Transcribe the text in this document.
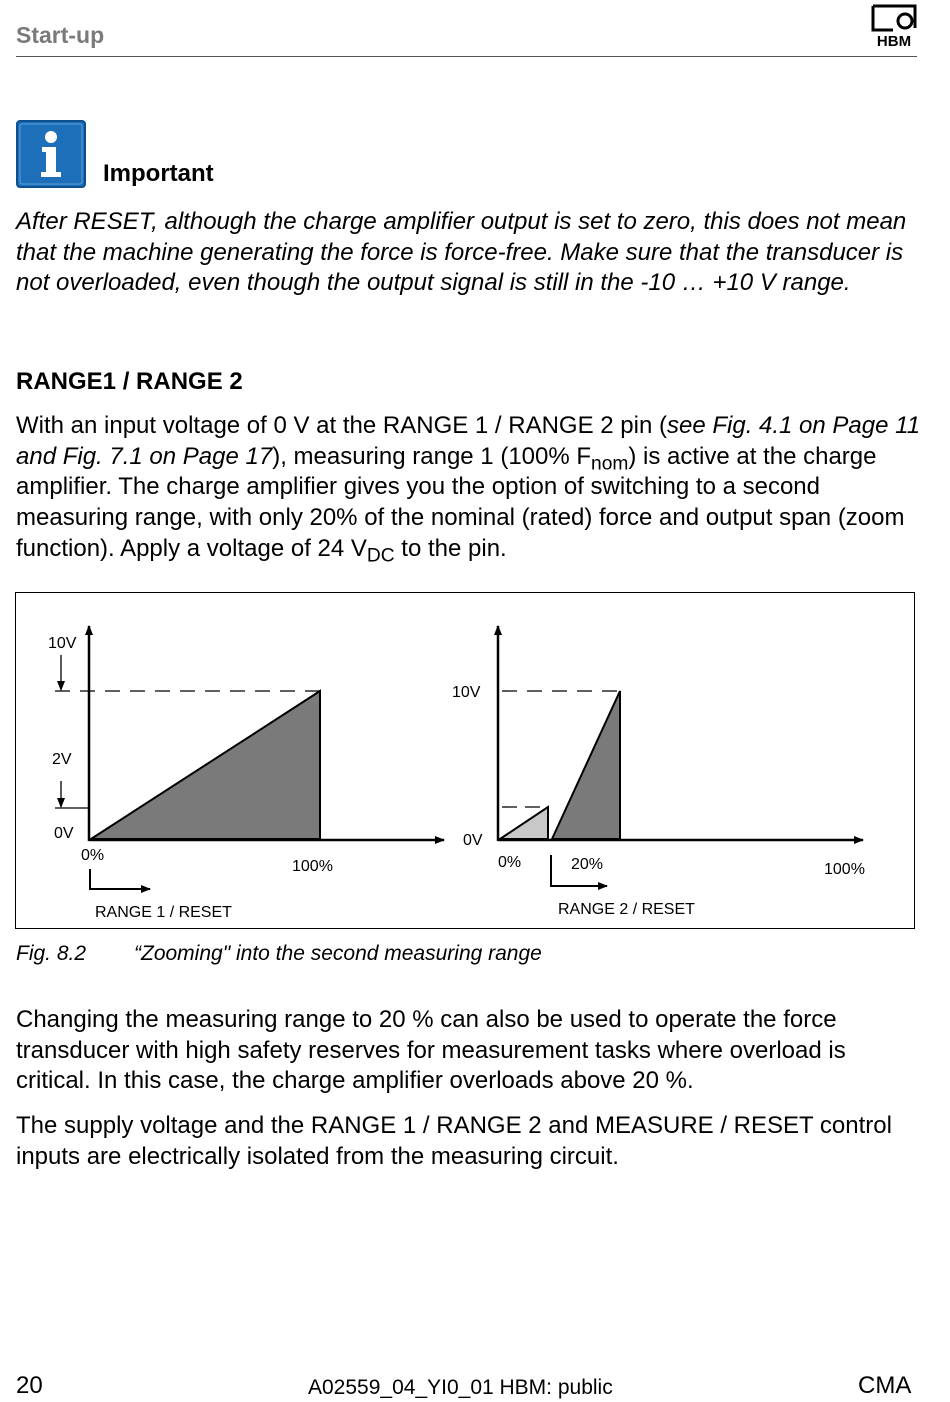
Start-up	HBM
Important

After RESET, although the charge amplifier output is set to zero, this does not mean that the machine generating the force is force-free. Make sure that the transducer is not overloaded, even though the output signal is still in the -10 … +10 V range.

RANGE1 / RANGE 2

With an input voltage of 0 V at the RANGE 1 / RANGE 2 pin (see Fig. 4.1 on Page 11 and Fig. 7.1 on Page 17), measuring range 1 (100% $F_{nom}$) is active at the charge amplifier. The charge amplifier gives you the option of switching to a second measuring range, with only 20% of the nominal (rated) force and output span (zoom function). Apply a voltage of 24 $V_{DC}$ to the pin.

10V
2V
0V
0%
100%
RANGE 1 / RESET
10V
0V
0%	20%	100%
RANGE 2 / RESET
Fig. 8.2 “Zooming" into the second measuring range

Changing the measuring range to 20 % can also be used to operate the force transducer with high safety reserves for measurement tasks where overload is critical. In this case, the charge amplifier overloads above 20 %.

The supply voltage and the RANGE 1 / RANGE 2 and MEASURE / RESET control inputs are electrically isolated from the measuring circuit.

20	A02559_04_YI0_01 HBM: public	CMA
